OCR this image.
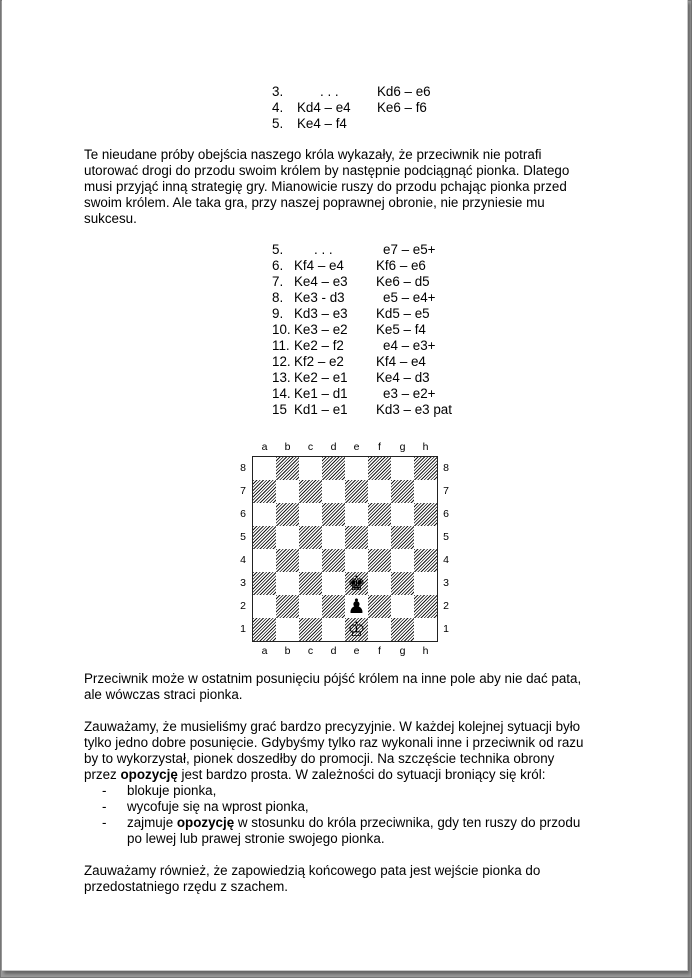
3.	. . .	Kd6 – e6
4. Kd4 – e4 Ke6 – f6
5. Ke4 – f4

Te nieudane próby obejścia naszego króla wykazały, że przeciwnik nie potrafi

utorować drogi do przodu swoim królem by następnie podciągnąć pionka. Dlatego

musi przyjąć inną strategię gry. Mianowicie ruszy do przodu pchając pionka przed

swoim królem. Ale taka gra, przy naszej poprawnej obronie, nie przyniesie mu

sukcesu.

5. . . .	e7 – e5+
6. Kf4 – e4 Kf6 – e6
7. Ke4 – e3 Ke6 – d5
8. Ke3 - d3	e5 – e4+
9. Kd3 – e3 Kd5 – e5
10. Ke3 – e2 Ke5 – f4
11. Ke2 – f2	e4 – e3+
12. Kf2 – e2 Kf4 – e4
13. Ke2 – e1 Ke4 – d3
14. Ke1 – d1	e3 – e2+
15 Kd1 – e1 Kd3 – e3 pat
a	b	c	d	e	f	g	h
a	b	c	d	e	f	g	h
8
7
6
5
4
3
2
1
8
7
6
5
4
3
2
1
♚
♟
♔

Przeciwnik może w ostatnim posunięciu pójść królem na inne pole aby nie dać pata,

ale wówczas straci pionka.

Zauważamy, że musieliśmy grać bardzo precyzyjnie. W każdej kolejnej sytuacji było

tylko jedno dobre posunięcie. Gdybyśmy tylko raz wykonali inne i przeciwnik od razu

by to wykorzystał, pionek doszedłby do promocji. Na szczęście technika obrony

przez opozycję jest bardzo prosta. W zależności do sytuacji broniący się król:

- blokuje pionka,
- wycofuje się na wprost pionka,
- zajmuje opozycję w stosunku do króla przeciwnika, gdy ten ruszy do przodu
po lewej lub prawej stronie swojego pionka.

Zauważamy również, że zapowiedzią końcowego pata jest wejście pionka do

przedostatniego rzędu z szachem.
